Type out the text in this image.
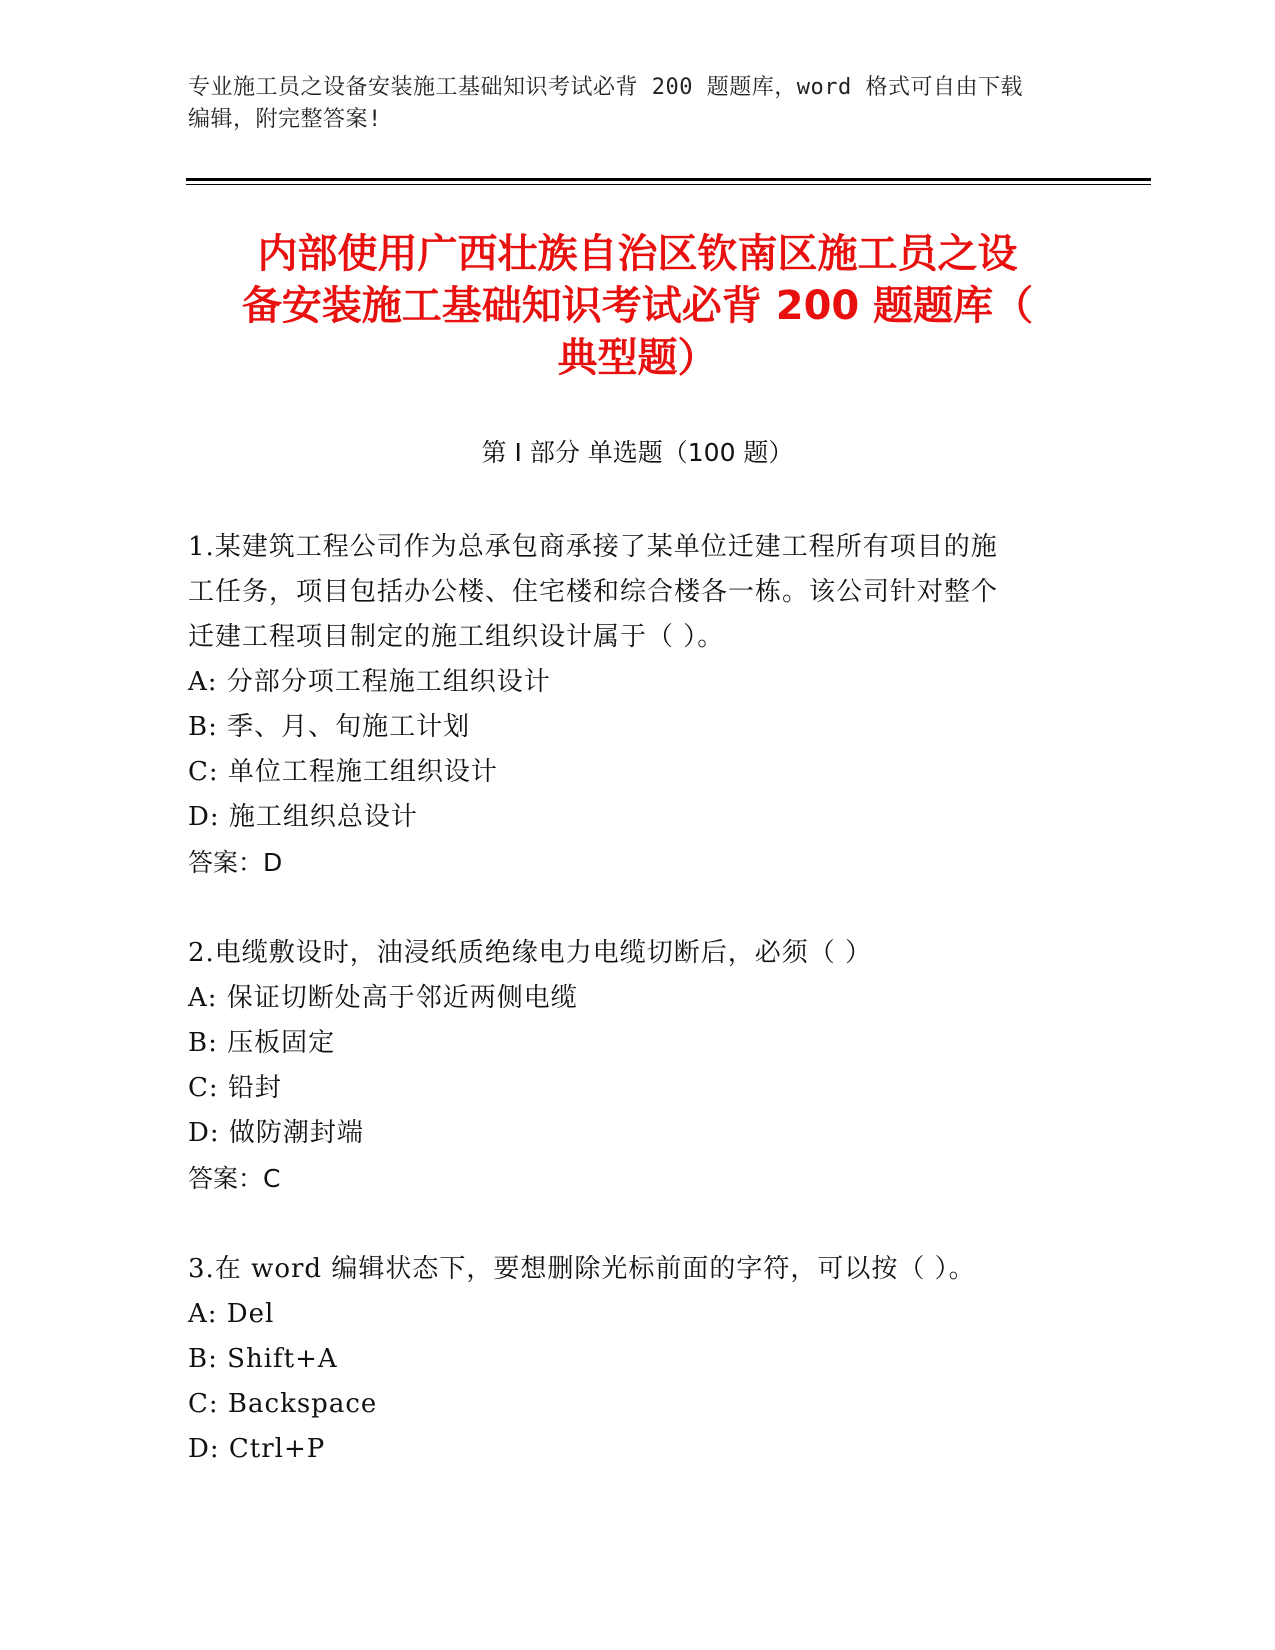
专业施工员之设备安装施工基础知识考试必背 200 题题库，word 格式可自由下载
编辑，附完整答案!
内部使用广西壮族自治区钦南区施工员之设
备安装施工基础知识考试必背 200 题题库（
典型题）
第 I 部分 单选题（100 题）
1.某建筑工程公司作为总承包商承接了某单位迁建工程所有项目的施
工任务，项目包括办公楼、住宅楼和综合楼各一栋。该公司针对整个
迁建工程项目制定的施工组织设计属于（ ）。
A: 分部分项工程施工组织设计
B: 季、月、旬施工计划
C: 单位工程施工组织设计
D: 施工组织总设计
答案：D
2.电缆敷设时，油浸纸质绝缘电力电缆切断后，必须（ ）
A: 保证切断处高于邻近两侧电缆
B: 压板固定
C: 铅封
D: 做防潮封端
答案：C
3.在 word 编辑状态下，要想删除光标前面的字符，可以按（ ）。
A: Del
B: Shift+A
C: Backspace
D: Ctrl+P
